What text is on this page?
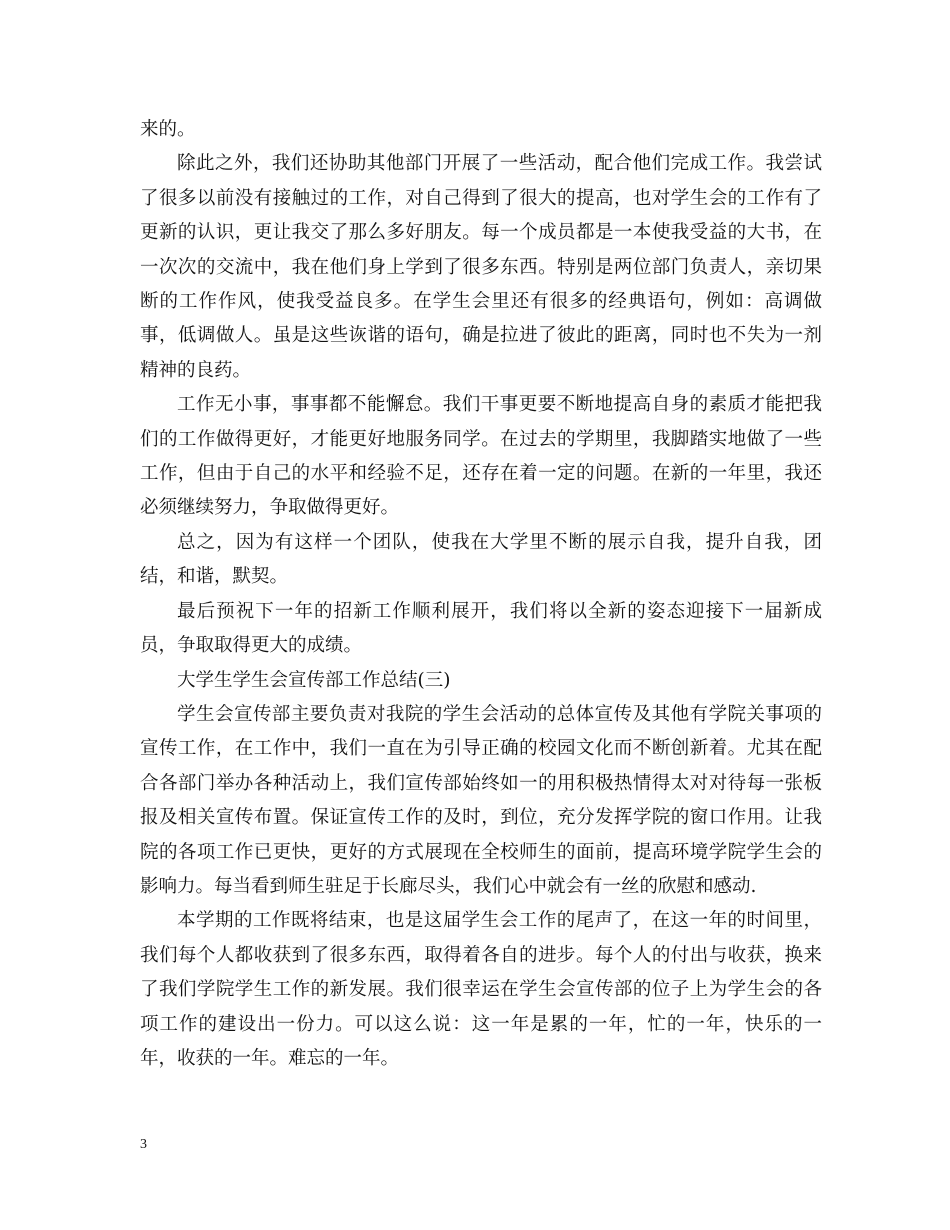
来的。

除此之外，我们还协助其他部门开展了一些活动，配合他们完成工作。我尝试了很多以前没有接触过的工作，对自己得到了很大的提高，也对学生会的工作有了更新的认识，更让我交了那么多好朋友。每一个成员都是一本使我受益的大书，在一次次的交流中，我在他们身上学到了很多东西。特别是两位部门负责人，亲切果断的工作作风，使我受益良多。在学生会里还有很多的经典语句，例如：高调做事，低调做人。虽是这些诙谐的语句，确是拉进了彼此的距离，同时也不失为一剂精神的良药。

工作无小事，事事都不能懈怠。我们干事更要不断地提高自身的素质才能把我们的工作做得更好，才能更好地服务同学。在过去的学期里，我脚踏实地做了一些工作，但由于自己的水平和经验不足，还存在着一定的问题。在新的一年里，我还必须继续努力，争取做得更好。

总之，因为有这样一个团队，使我在大学里不断的展示自我，提升自我，团结，和谐，默契。

最后预祝下一年的招新工作顺利展开，我们将以全新的姿态迎接下一届新成员，争取取得更大的成绩。

大学生学生会宣传部工作总结(三)

学生会宣传部主要负责对我院的学生会活动的总体宣传及其他有学院关事项的宣传工作，在工作中，我们一直在为引导正确的校园文化而不断创新着。尤其在配合各部门举办各种活动上，我们宣传部始终如一的用积极热情得太对对待每一张板报及相关宣传布置。保证宣传工作的及时，到位，充分发挥学院的窗口作用。让我院的各项工作已更快，更好的方式展现在全校师生的面前，提高环境学院学生会的影响力。每当看到师生驻足于长廊尽头，我们心中就会有一丝的欣慰和感动.

本学期的工作既将结束，也是这届学生会工作的尾声了，在这一年的时间里，我们每个人都收获到了很多东西，取得着各自的进步。每个人的付出与收获，换来了我们学院学生工作的新发展。我们很幸运在学生会宣传部的位子上为学生会的各项工作的建设出一份力。可以这么说：这一年是累的一年，忙的一年，快乐的一年，收获的一年。难忘的一年。

3
